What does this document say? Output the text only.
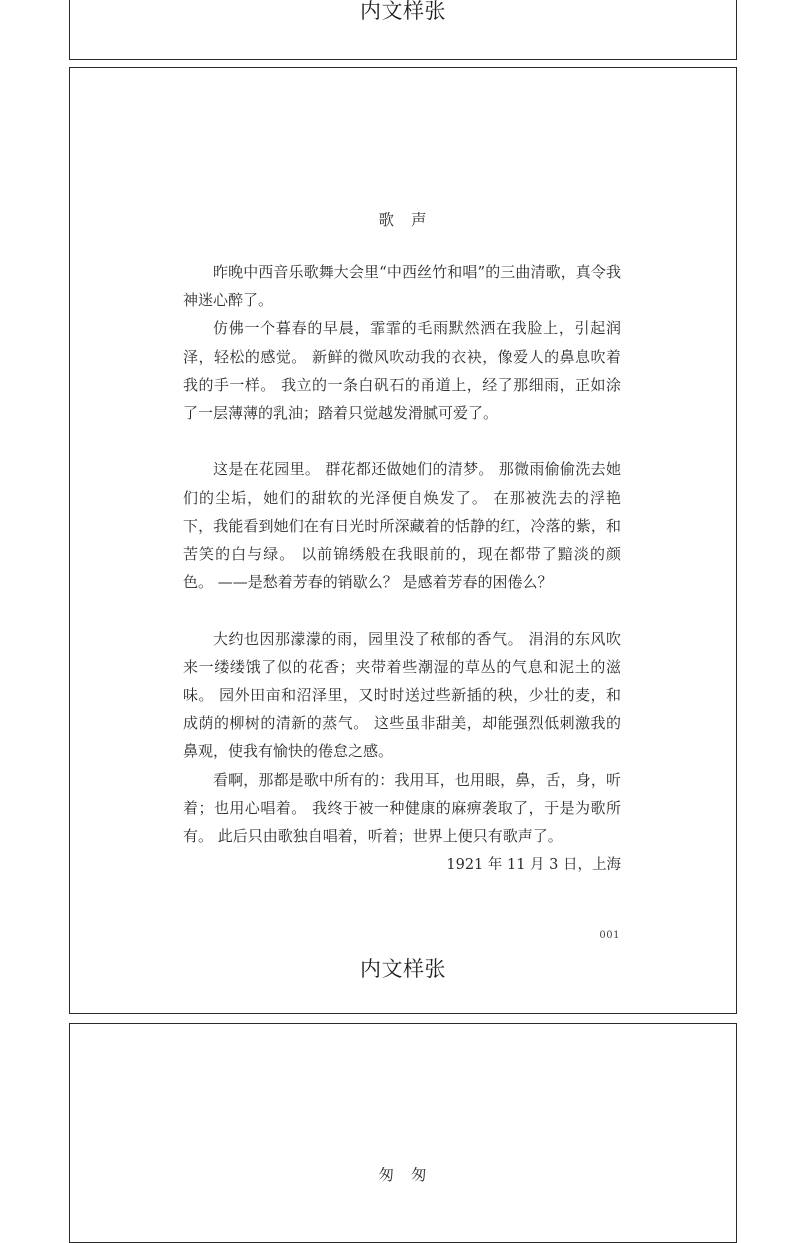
内文样张
歌 声

昨晚中西音乐歌舞大会里“中西丝竹和唱”的三曲清歌，真令我神迷心醉了。

仿佛一个暮春的早晨，霏霏的毛雨默然洒在我脸上，引起润泽，轻松的感觉。 新鲜的微风吹动我的衣袂，像爱人的鼻息吹着我的手一样。 我立的一条白矾石的甬道上，经了那细雨，正如涂了一层薄薄的乳油；踏着只觉越发滑腻可爱了。

这是在花园里。 群花都还做她们的清梦。 那微雨偷偷洗去她们的尘垢，她们的甜软的光泽便自焕发了。 在那被洗去的浮艳下，我能看到她们在有日光时所深藏着的恬静的红，冷落的紫，和苦笑的白与绿。 以前锦绣般在我眼前的，现在都带了黯淡的颜色。 ——是愁着芳春的销歇么？ 是感着芳春的困倦么？

大约也因那濛濛的雨，园里没了秾郁的香气。 涓涓的东风吹来一缕缕饿了似的花香；夹带着些潮湿的草丛的气息和泥土的滋味。 园外田亩和沼泽里，又时时送过些新插的秧，少壮的麦，和成荫的柳树的清新的蒸气。 这些虽非甜美，却能强烈低刺激我的鼻观，使我有愉快的倦怠之感。

看啊，那都是歌中所有的：我用耳，也用眼，鼻，舌，身，听着；也用心唱着。 我终于被一种健康的麻痹袭取了，于是为歌所有。 此后只由歌独自唱着，听着；世界上便只有歌声了。

1921 年 11 月 3 日，上海
001
内文样张
匆 匆
